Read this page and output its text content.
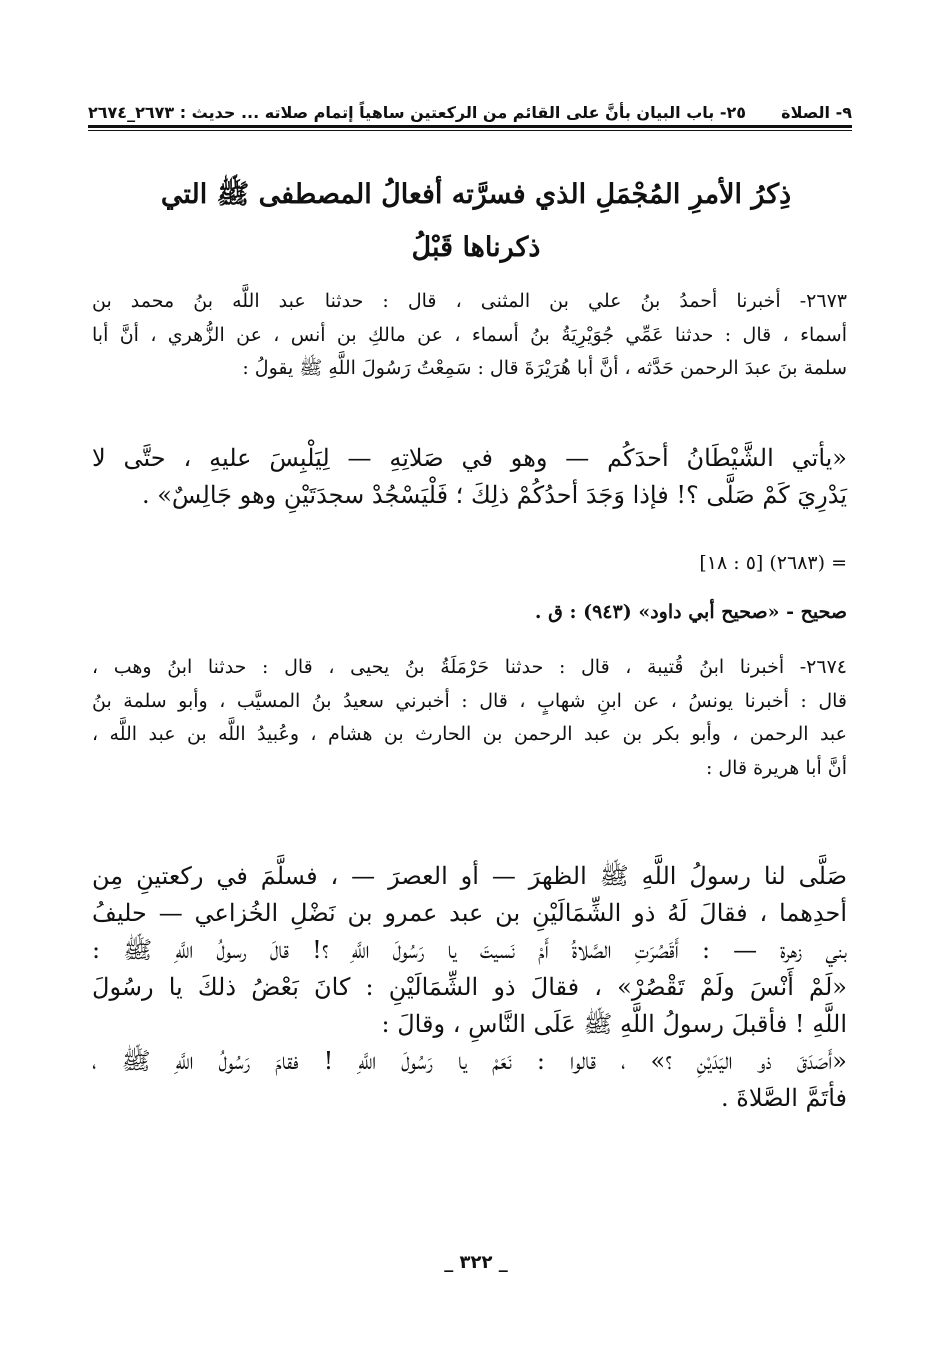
٩- الصلاة
٢٥- باب البيان بأنَّ على القائم من الركعتين ساهياً إتمام صلاته ... حديث : ٢٦٧٣_٢٦٧٤
ذِكرُ الأمرِ المُجْمَلِ الذي فسرَّته أفعالُ المصطفى ﷺ التي
ذكرناها قَبْلُ
٢٦٧٣- أخبرنا أحمدُ بنُ علي بن المثنى ، قال : حدثنا عبد اللَّه بنُ محمد بن
أسماء ، قال : حدثنا عَمِّي جُوَيْرِيَةُ بنُ أسماء ، عن مالكِ بن أنس ، عن الزُّهري ، أنَّ أبا
سلمة بنَ عبدَ الرحمن حَدَّثه ، أنَّ أبا هُرَيْرَةَ قال : سَمِعْتُ رَسُولَ اللَّهِ ﷺ يقولُ :
«يأتي الشَّيْطَانُ أحدَكُم — وهو في صَلاتِهِ — لِيَلْبِسَ عليهِ ، حتَّى لا
يَدْرِيَ كَمْ صَلَّى ؟! فإذا وَجَدَ أحدُكُمْ ذلِكَ ؛ فَلْيَسْجُدْ سجدَتَيْنِ وهو جَالِسٌ» .
= (٢٦٨٣) [٥ : ١٨]
صحيح - «صحيح أبي داود» (٩٤٣) : ق .
٢٦٧٤- أخبرنا ابنُ قُتيبة ، قال : حدثنا حَرْمَلَةُ بنُ يحيى ، قال : حدثنا ابنُ وهب ،
قال : أخبرنا يونسُ ، عن ابنِ شهابٍ ، قال : أخبرني سعيدُ بنُ المسيَّب ، وأبو سلمة بنُ
عبد الرحمن ، وأبو بكر بن عبد الرحمن بن الحارث بن هشام ، وعُبيدُ اللَّه بن عبد اللَّه ،
أنَّ أبا هريرة قال :
صَلَّى لنا رسولُ اللَّهِ ﷺ الظهرَ — أو العصرَ — ، فسلَّمَ في ركعتينِ مِن
أحدِهما ، فقالَ لَهُ ذو الشِّمَالَيْنِ بن عبد عمرو بن نَضْلِ الخُزاعي — حليفُ
بني زهرة — : أَقَصُرَتِ الصَّلاةُ أَمْ نَسيتَ يا رَسُولَ اللَّهِ ؟! قالَ رسولُ اللَّهِ ﷺ :
«لَمْ أَنْسَ ولَمْ تَقْصُرْ» ، فقالَ ذو الشِّمَالَيْنِ : كانَ بَعْضُ ذلكَ يا رسُولَ
اللَّهِ ! فأقبلَ رسولُ اللَّهِ ﷺ عَلَى النَّاسِ ، وقالَ :
«أَصَدَقَ ذو اليَدَيْنِ ؟» ، قالوا : نَعَمْ يا رَسُولَ اللَّهِ ! فقامَ رَسُولُ اللَّهِ ﷺ ،
فأتَمَّ الصَّلاةَ .
_ ٣٢٢ _
